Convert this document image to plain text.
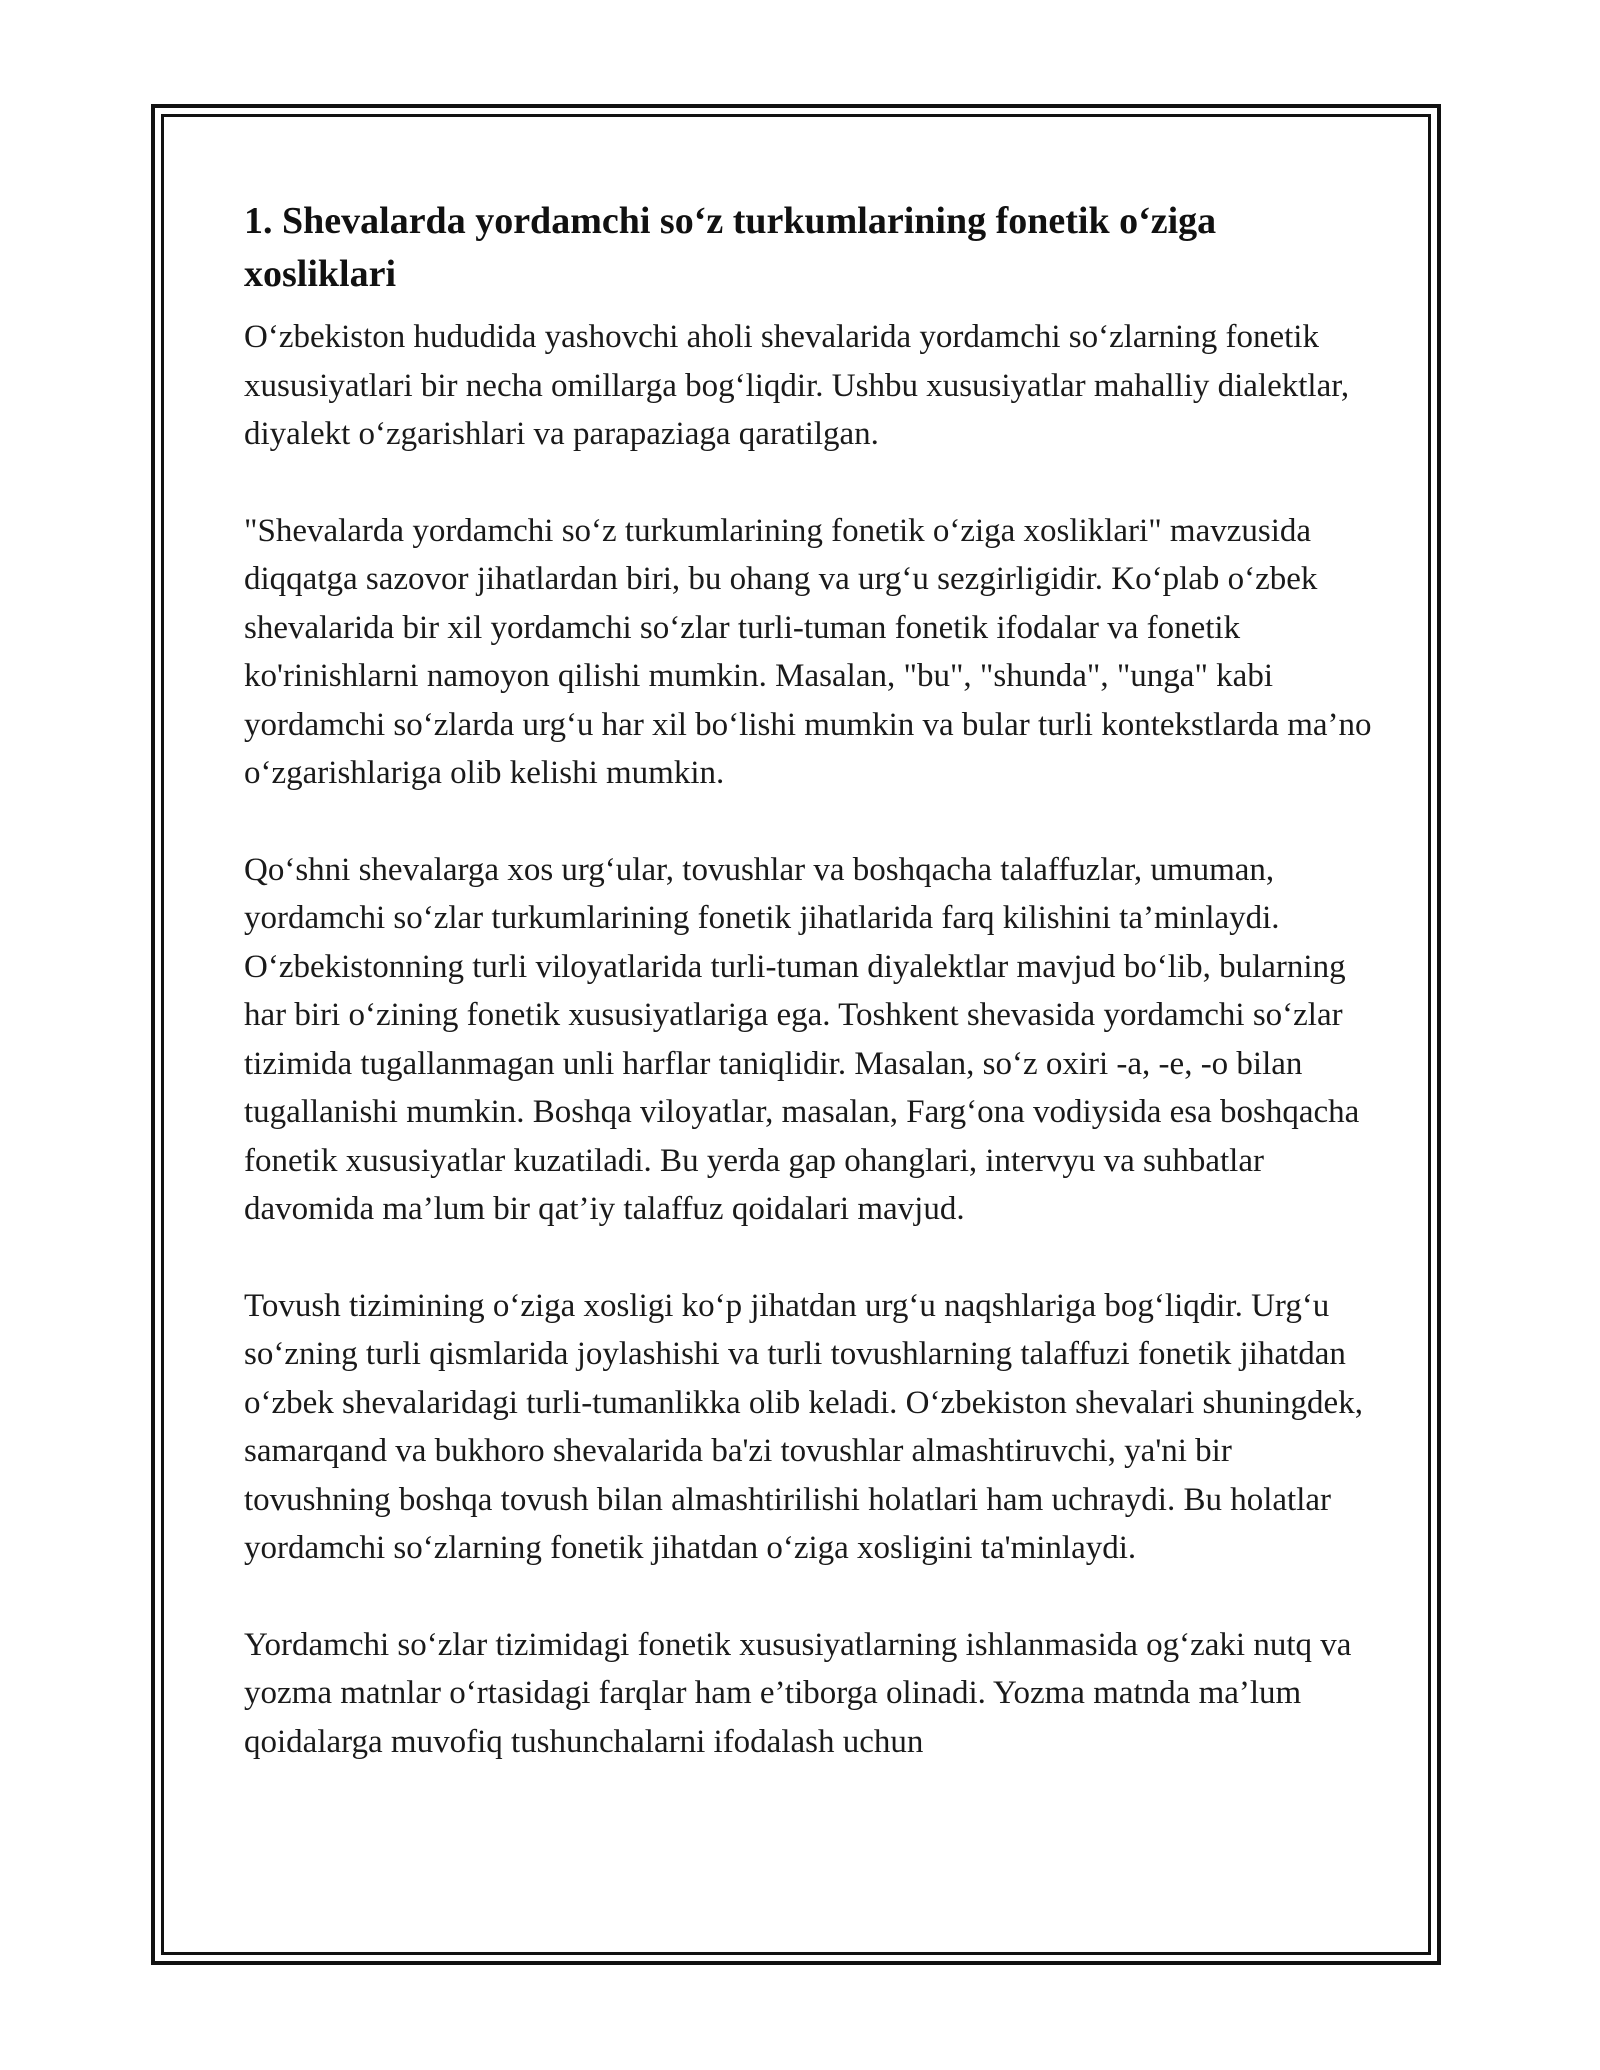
1. Shevalarda yordamchi so‘z turkumlarining fonetik o‘ziga
xosliklari

O‘zbekiston hududida yashovchi aholi shevalarida yordamchi so‘zlarning fonetik xususiyatlari bir necha omillarga bog‘liqdir. Ushbu xususiyatlar mahalliy dialektlar, diyalekt o‘zgarishlari va parapaziaga qaratilgan.

"Shevalarda yordamchi so‘z turkumlarining fonetik o‘ziga xosliklari" mavzusida diqqatga sazovor jihatlardan biri, bu ohang va urg‘u sezgirligidir. Ko‘plab o‘zbek shevalarida bir xil yordamchi so‘zlar turli-tuman fonetik ifodalar va fonetik ko'rinishlarni namoyon qilishi mumkin. Masalan, "bu", "shunda", "unga" kabi yordamchi so‘zlarda urg‘u har xil bo‘lishi mumkin va bular turli kontekstlarda ma’no o‘zgarishlariga olib kelishi mumkin.

Qo‘shni shevalarga xos urg‘ular, tovushlar va boshqacha talaffuzlar, umuman, yordamchi so‘zlar turkumlarining fonetik jihatlarida farq kilishini ta’minlaydi. O‘zbekistonning turli viloyatlarida turli-tuman diyalektlar mavjud bo‘lib, bularning har biri o‘zining fonetik xususiyatlariga ega. Toshkent shevasida yordamchi so‘zlar tizimida tugallanmagan unli harflar taniqlidir. Masalan, so‘z oxiri -a, -e, -o bilan tugallanishi mumkin. Boshqa viloyatlar, masalan, Farg‘ona vodiysida esa boshqacha fonetik xususiyatlar kuzatiladi. Bu yerda gap ohanglari, intervyu va suhbatlar davomida ma’lum bir qat’iy talaffuz qoidalari mavjud.

Tovush tizimining o‘ziga xosligi ko‘p jihatdan urg‘u naqshlariga bog‘liqdir. Urg‘u so‘zning turli qismlarida joylashishi va turli tovushlarning talaffuzi fonetik jihatdan o‘zbek shevalaridagi turli-tumanlikka olib keladi. O‘zbekiston shevalari shuningdek, samarqand va bukhoro shevalarida ba'zi tovushlar almashtiruvchi, ya'ni bir tovushning boshqa tovush bilan almashtirilishi holatlari ham uchraydi. Bu holatlar yordamchi so‘zlarning fonetik jihatdan o‘ziga xosligini ta'minlaydi.

Yordamchi so‘zlar tizimidagi fonetik xususiyatlarning ishlanmasida og‘zaki nutq va yozma matnlar o‘rtasidagi farqlar ham e’tiborga olinadi. Yozma matnda ma’lum qoidalarga muvofiq tushunchalarni ifodalash uchun
